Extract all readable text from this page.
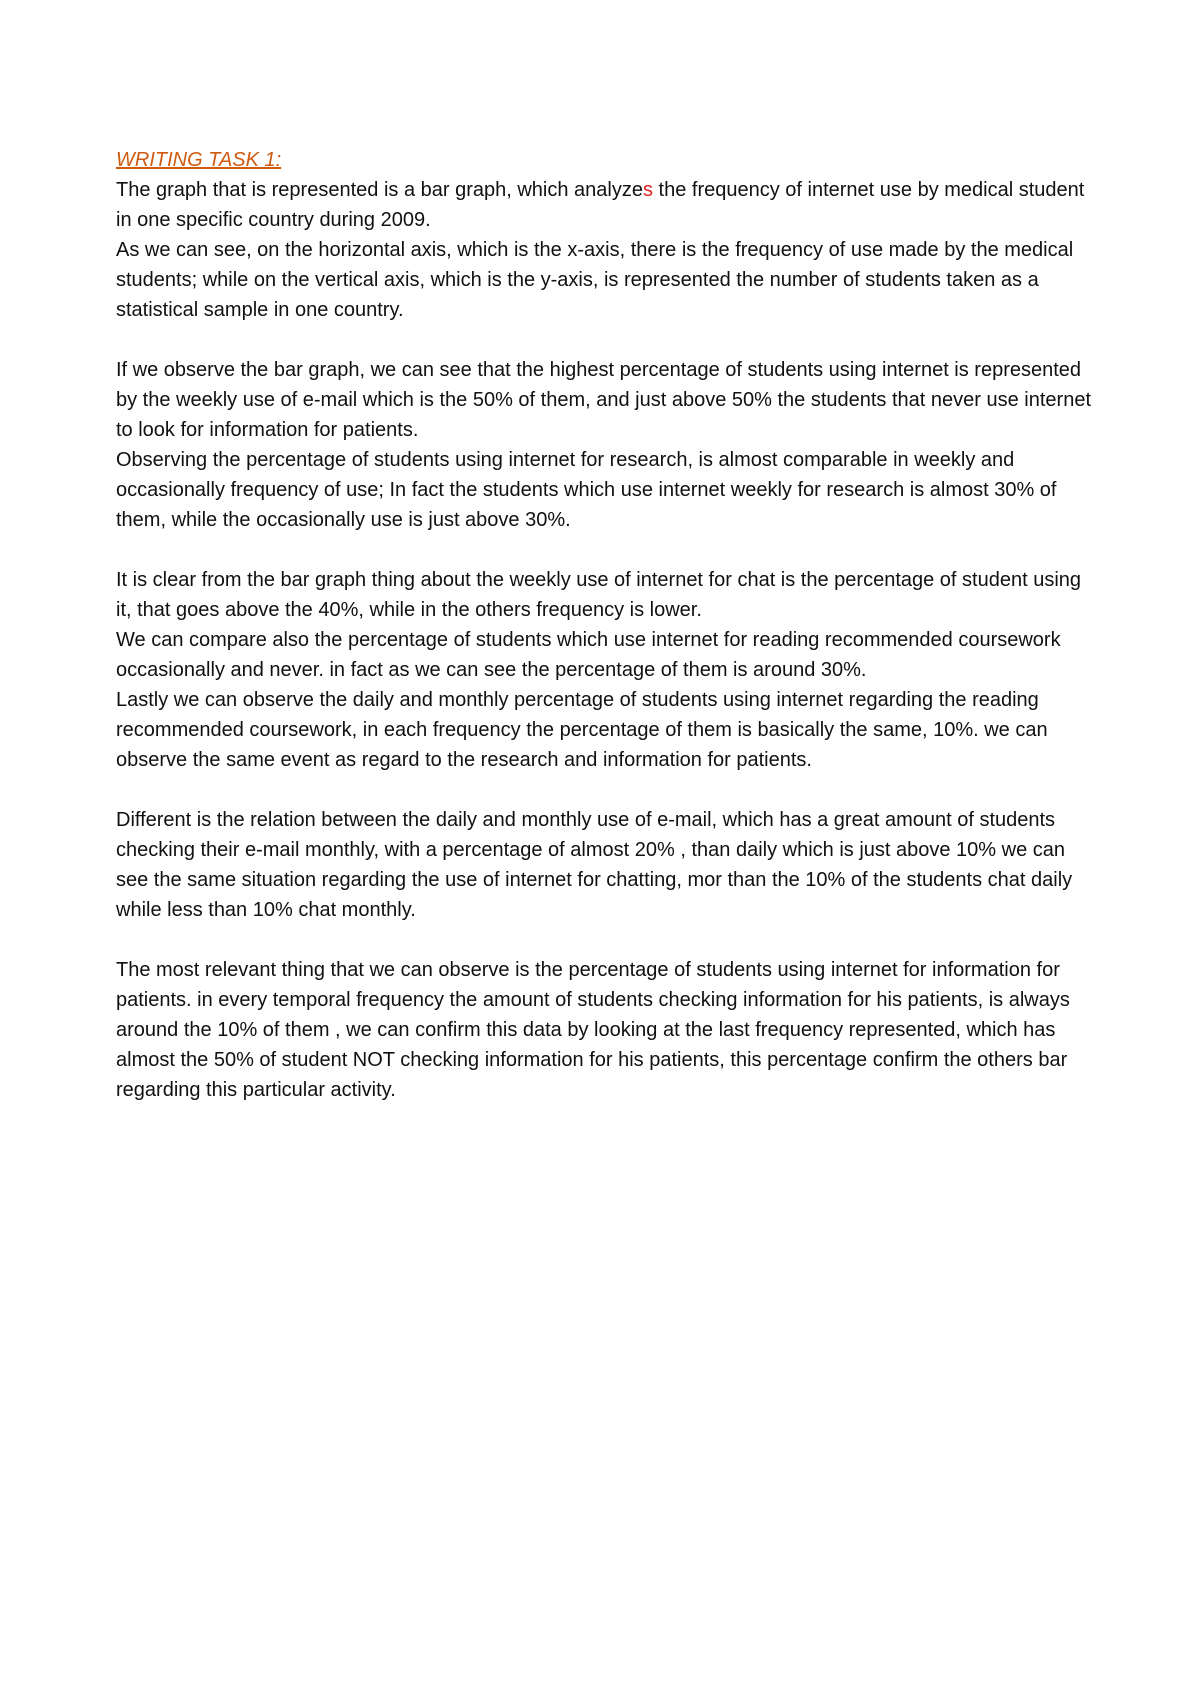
WRITING TASK 1:

The graph that is represented is a bar graph, which analyzes the frequency of internet use by medical student in one specific country during 2009.

As we can see, on the horizontal axis, which is the x-axis, there is the frequency of use made by the medical students; while on the vertical axis, which is the y-axis, is represented the number of students taken as a statistical sample in one country.

If we observe the bar graph, we can see that the highest percentage of students using internet is represented by the weekly use of e-mail which is the 50% of them, and just above 50% the students that never use internet to look for information for patients.

Observing the percentage of students using internet for research, is almost comparable in weekly and occasionally frequency of use; In fact the students which use internet weekly for research is almost 30% of them, while the occasionally use is just above 30%.

It is clear from the bar graph thing about the weekly use of internet for chat is the percentage of student using it, that goes above the 40%, while in the others frequency is lower.

We can compare also the percentage of students which use internet for reading recommended coursework occasionally and never. in fact as we can see the percentage of them is around 30%.

Lastly we can observe the daily and monthly percentage of students using internet regarding the reading recommended coursework, in each frequency the percentage of them is basically the same, 10%. we can observe the same event as regard to the research and information for patients.

Different is the relation between the daily and monthly use of e-mail, which has a great amount of students checking their e-mail monthly, with a percentage of almost 20% , than daily which is just above 10% we can see the same situation regarding the use of internet for chatting, mor than the 10% of the students chat daily while less than 10% chat monthly.

The most relevant thing that we can observe is the percentage of students using internet for information for patients. in every temporal frequency the amount of students checking information for his patients, is always around the 10% of them , we can confirm this data by looking at the last frequency represented, which has almost the 50% of student NOT checking information for his patients, this percentage confirm the others bar regarding this particular activity.
